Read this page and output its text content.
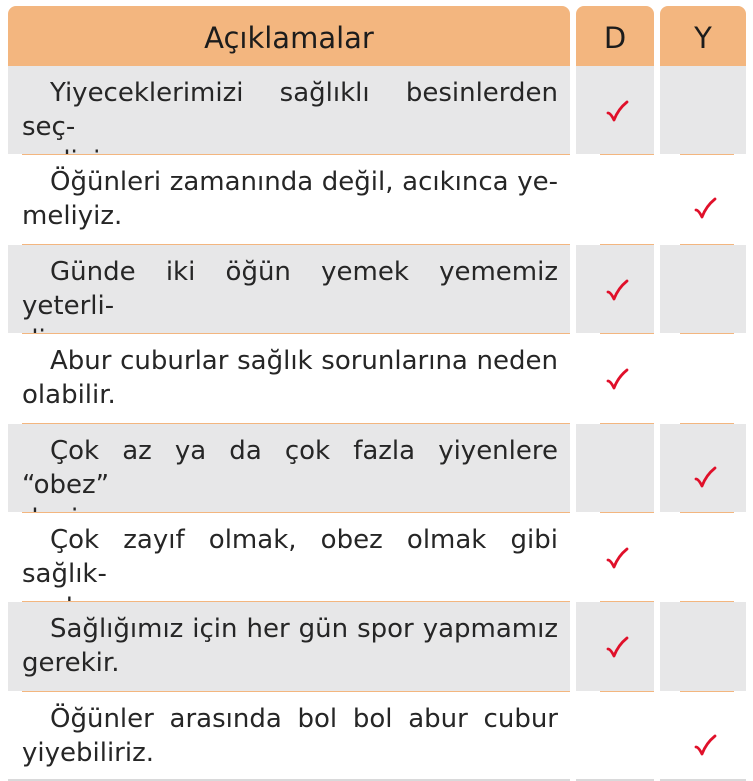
Açıklamalar	D Y
Yiyeceklerimizi sağlıklı besinlerden seç-
Öğünleri zamanında değil, acıkınca ye-
meliyiz.
Günde iki öğün yemek yememiz yeterli-
Abur cuburlar sağlık sorunlarına neden
olabilir.
Çok az ya da çok fazla yiyenlere “obez”
Çok zayıf olmak, obez olmak gibi sağlık-
Sağlığımız için her gün spor yapmamız
gerekir.
Öğünler arasında bol bol abur cubur
yiyebiliriz.
